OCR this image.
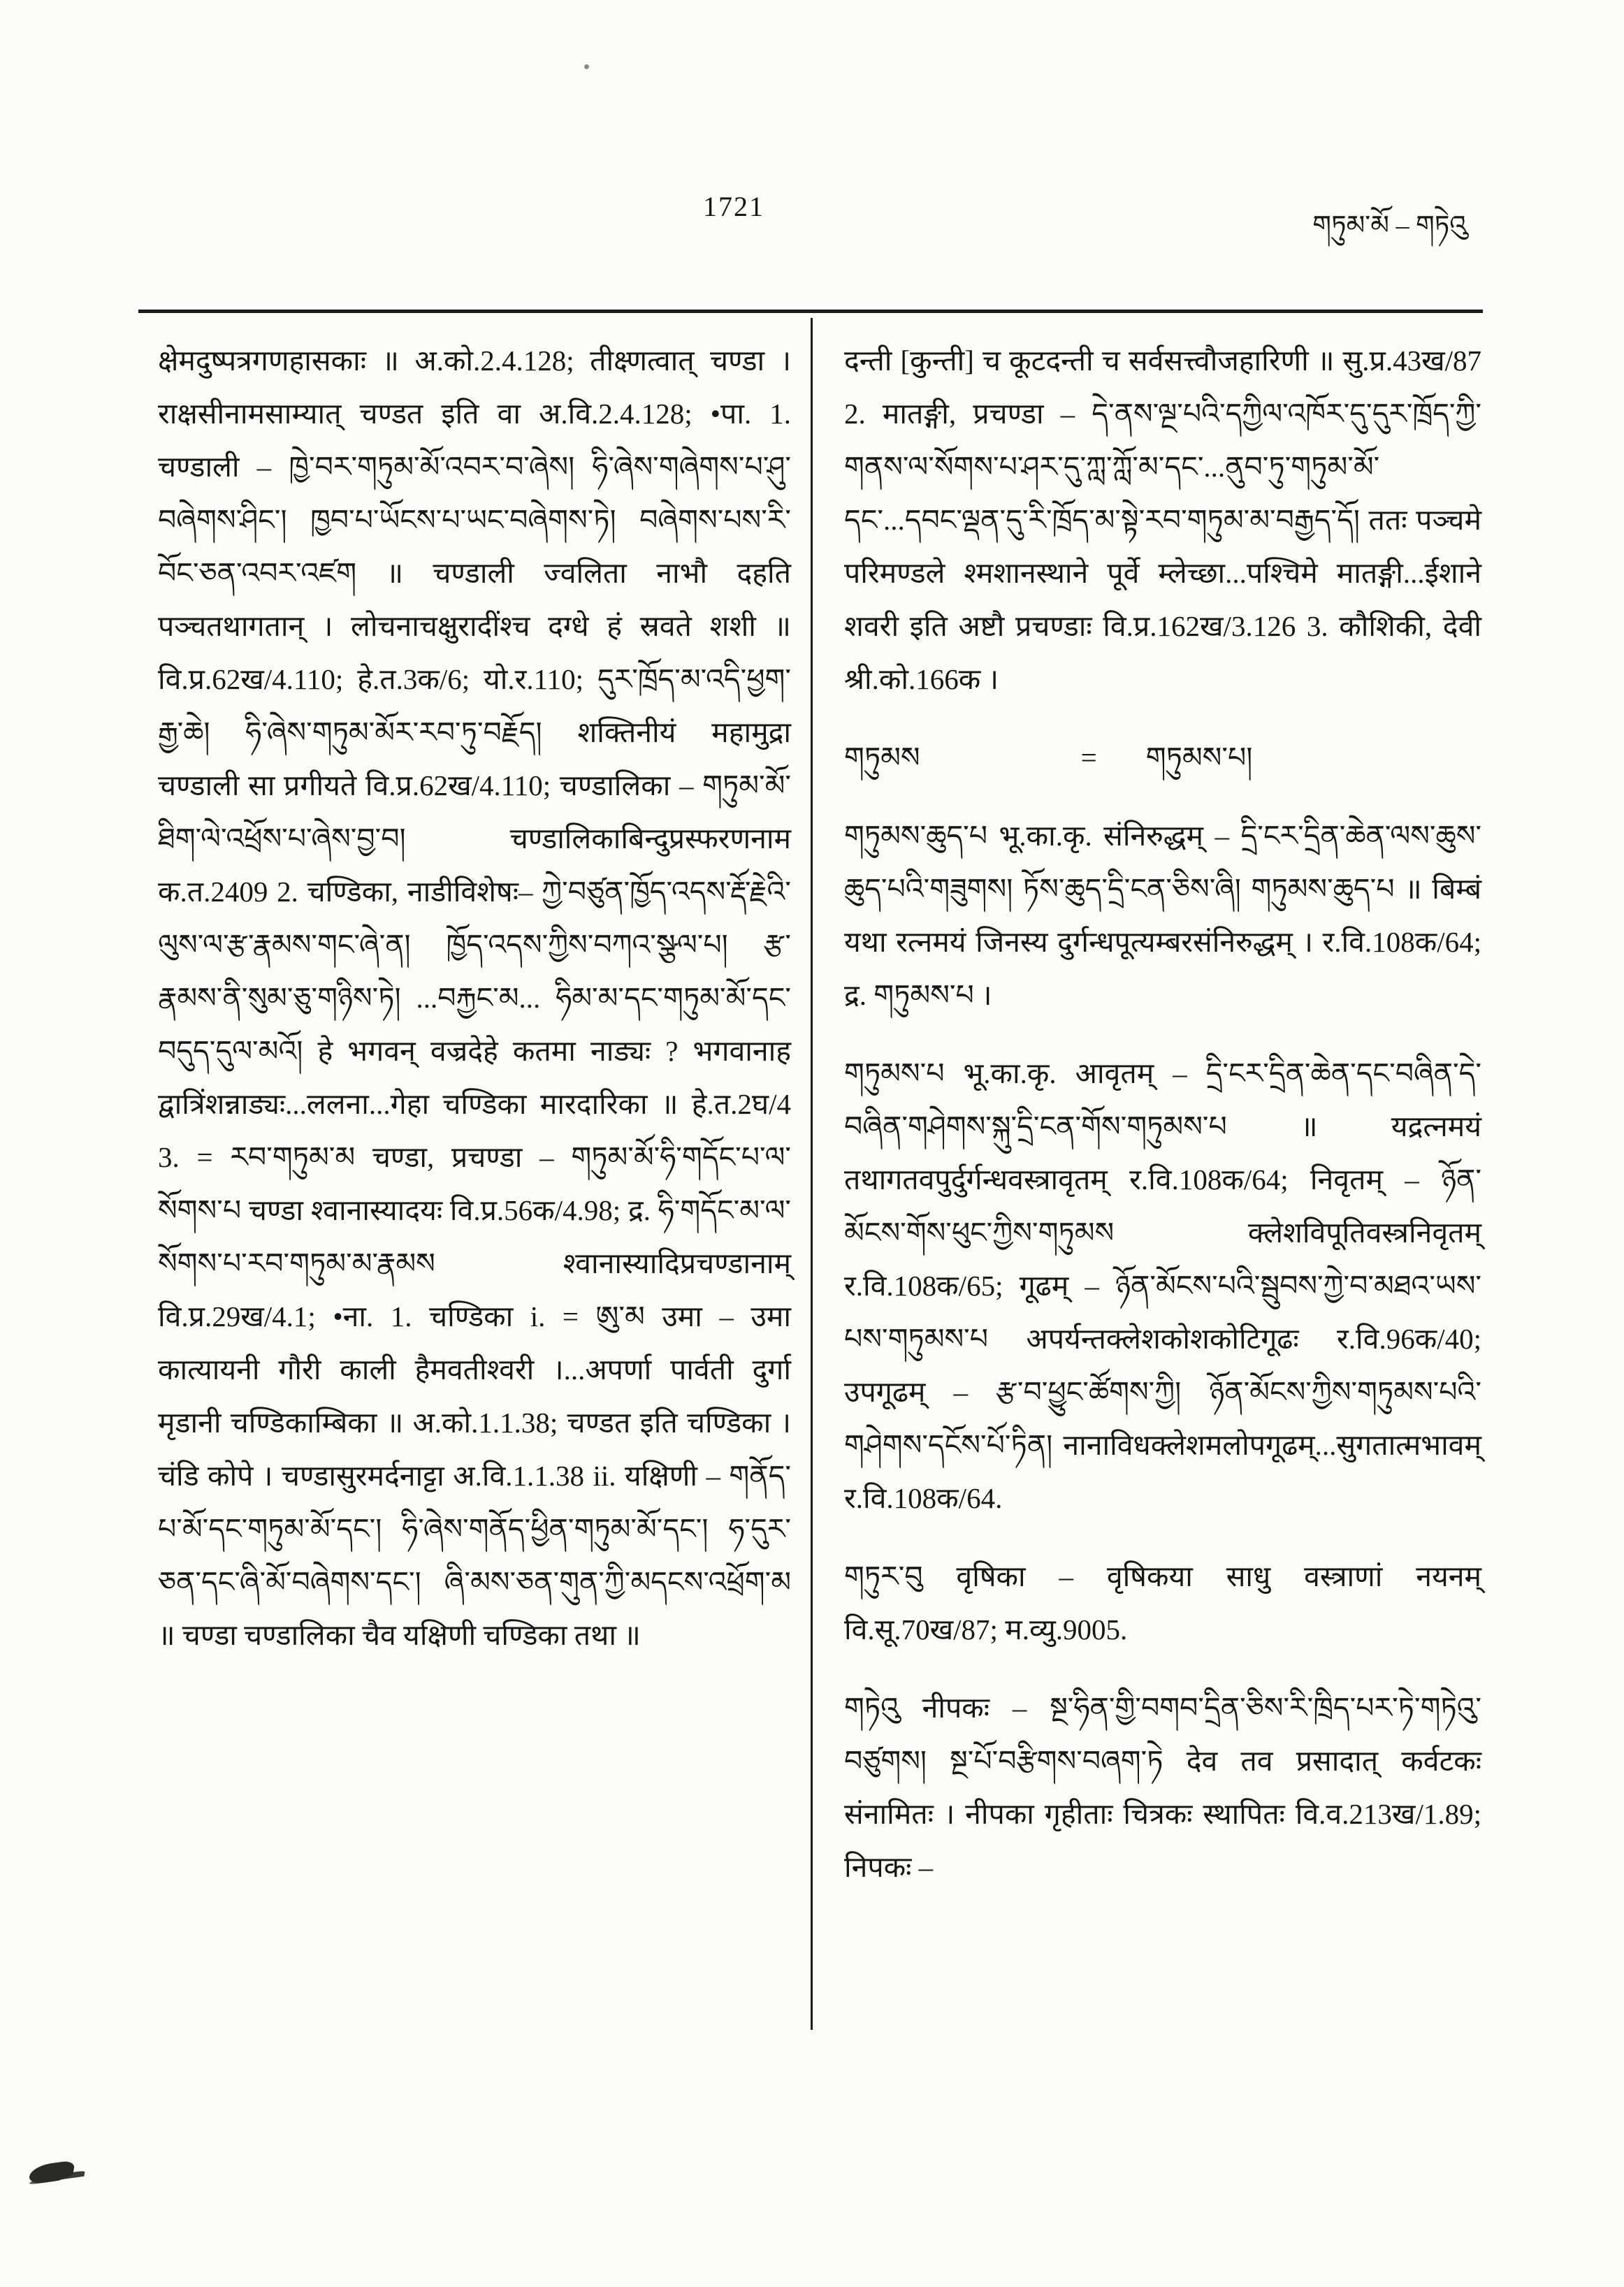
1721
གཏུམ་མོ – གཏེའུ
क्षेमदुष्पत्रगणहासकाः ॥ अ.को.2.4.128; तीक्ष्णत्वात् चण्डा । राक्षसीनामसाम्यात् चण्डत इति वा अ.वि.2.4.128; •पा. 1. चण्डाली – ཁྱེ་བར་གཏུམ་མོ་འབར་བ་ཞེས། ཧི་ཞེས་གཞེགས་པ་ཤུ་བཞེགས་ཤིང་། ཁྱབ་པ་ཡོངས་པ་ཡང་བཞེགས་ཏེ། བཞེགས་པས་རི་བོང་ཅན་འབར་འཛག ॥ चण्डाली ज्वलिता नाभौ दहति पञ्चतथागतान् । लोचनाचक्षुरादींश्च दग्धे हं स्रवते शशी ॥ वि.प्र.62ख/4.110; हे.त.3क/6; यो.र.110; དུར་ཁྲོད་མ་འདི་ཕྱག་རྒྱ་ཆེ། ཧི་ཞེས་གཏུམ་མོར་རབ་ཏུ་བརྗོད། शक्तिनीयं महामुद्रा चण्डाली सा प्रगीयते वि.प्र.62ख/4.110; चण्डालिका – གཏུམ་མོ་ཐིག་ལེ་འཕྲོས་པ་ཞེས་བྱ་བ། चण्डालिकाबिन्दुप्रस्फरणनाम क.त.2409 2. चण्डिका, नाडीविशेषः– ཀྱེ་བཙུན་ཁྱོད་འདས་རྡོ་རྗེའི་ལུས་ལ་རྩ་རྣམས་གང་ཞེ་ན། ཁྱོད་འདས་ཀྱིས་བཀའ་སྩལ་པ། རྩ་རྣམས་ནི་སུམ་ཅུ་གཉིས་ཏེ། ...བརྐྱང་མ... ཧིམ་མ་དང་གཏུམ་མོ་དང་བདུད་དུལ་མའོ། हे भगवन् वज्रदेहे कतमा नाड्यः ? भगवानाह द्वात्रिंशन्नाड्यः...ललना...गेहा चण्डिका मारदारिका ॥ हे.त.2घ/4 3. = རབ་གཏུམ་མ चण्डा, प्रचण्डा – གཏུམ་མོ་ཧི་གདོང་པ་ལ་སོགས་པ चण्डा श्वानास्यादयः वि.प्र.56क/4.98; द्र. ཧི་གདོང་མ་ལ་སོགས་པ་རབ་གཏུམ་མ་རྣམས श्वानास्यादिप्रचण्डानाम् वि.प्र.29ख/4.1; •ना. 1. चण्डिका i. = ཨུ་མ उमा – उमा कात्यायनी गौरी काली हैमवतीश्वरी ।...अपर्णा पार्वती दुर्गा मृडानी चण्डिकाम्बिका ॥ अ.को.1.1.38; चण्डत इति चण्डिका । चंडि कोपे । चण्डासुरमर्दनाट्टा अ.वि.1.1.38 ii. यक्षिणी – གནོད་པ་མོ་དང་གཏུམ་མོ་དང་། ཧི་ཞེས་གནོད་ཕྱིན་གཏུམ་མོ་དང་། ཧ་དུར་ཅན་དང་ཞི་མོ་བཞེགས་དང་། ཞི་མས་ཅན་གུན་ཀྱི་མདངས་འཕྲོག་མ ॥ चण्डा चण्डालिका चैव यक्षिणी चण्डिका तथा ॥
दन्ती [कुन्ती] च कूटदन्ती च सर्वसत्त्वौजहारिणी ॥ सु.प्र.43ख/87 2. मातङ्गी, प्रचण्डा – དེ་ནས་ལྔ་པའི་དཀྱིལ་འཁོར་དུ་དུར་ཁྲོད་ཀྱི་གནས་ལ་སོགས་པ་ཤར་དུ་ཀླ་ཀློ་མ་དང་...ནུབ་ཏུ་གཏུམ་མོ་དང་...དབང་ལྡན་དུ་རི་ཁྲོད་མ་སྟེ་རབ་གཏུམ་མ་བརྒྱད་དོ། ततः पञ्चमे परिमण्डले श्मशानस्थाने पूर्वे म्लेच्छा...पश्चिमे मातङ्गी...ईशाने शवरी इति अष्टौ प्रचण्डाः वि.प्र.162ख/3.126 3. कौशिकी, देवी श्री.को.166क ।
གཏུམས	= གཏུམས་པ།
གཏུམས་ཆུད་པ भू.का.कृ. संनिरुद्धम् – དྲི་ངར་དྲིན་ཆེན་ལས་ཆུས་ཆུད་པའི་གཟུགས། ཏོས་ཆུད་དྲི་ངན་ཅིས་ཞི། གཏུམས་ཆུད་པ ॥ बिम्बं यथा रत्नमयं जिनस्य दुर्गन्धपूत्यम्बरसंनिरुद्धम् । र.वि.108क/64; द्र. གཏུམས་པ ।
གཏུམས་པ भू.का.कृ. आवृतम् – དྲི་ངར་དྲིན་ཆེན་དང་བཞིན་དེ་བཞིན་གཤེགས་སྐུ་དྲི་ངན་གོས་གཏུམས་པ ॥ यद्रत्नमयं तथागतवपुर्दुर्गन्धवस्त्रावृतम् र.वि.108क/64; निवृतम् – ཉོན་མོངས་གོས་ཕུང་ཀྱིས་གཏུམས क्लेशविपूतिवस्त्रनिवृतम् र.वि.108क/65; गूढम् – ཉོན་མོངས་པའི་སྦུབས་ཀྱེ་བ་མཐའ་ཡས་པས་གཏུམས་པ अपर्यन्तक्लेशकोशकोटिगूढः र.वि.96क/40; उपगूढम् – རྩ་བ་ཕྱུང་ཚོགས་ཀྱི། ཉོན་མོངས་ཀྱིས་གཏུམས་པའི་གཤེགས་དངོས་པོ་ཏིན། नानाविधक्लेशमलोपगूढम्...सुगतात्मभावम् र.वि.108क/64.
གཏུར་བུ वृषिका – वृषिकया साधु वस्त्राणां नयनम् वि.सू.70ख/87; म.व्यु.9005.
གཏེའུ नीपकः – སྔ་ཧིན་གྱི་བགབ་དྲིན་ཅིས་རི་ཁྲིད་པར་ཏེ་གཏེའུ་བཙུགས། སྔ་པོ་བརྩིགས་བཞག་ཏེ देव तव प्रसादात् कर्वटकः संनामितः । नीपका गृहीताः चित्रकः स्थापितः वि.व.213ख/1.89; निपकः –
